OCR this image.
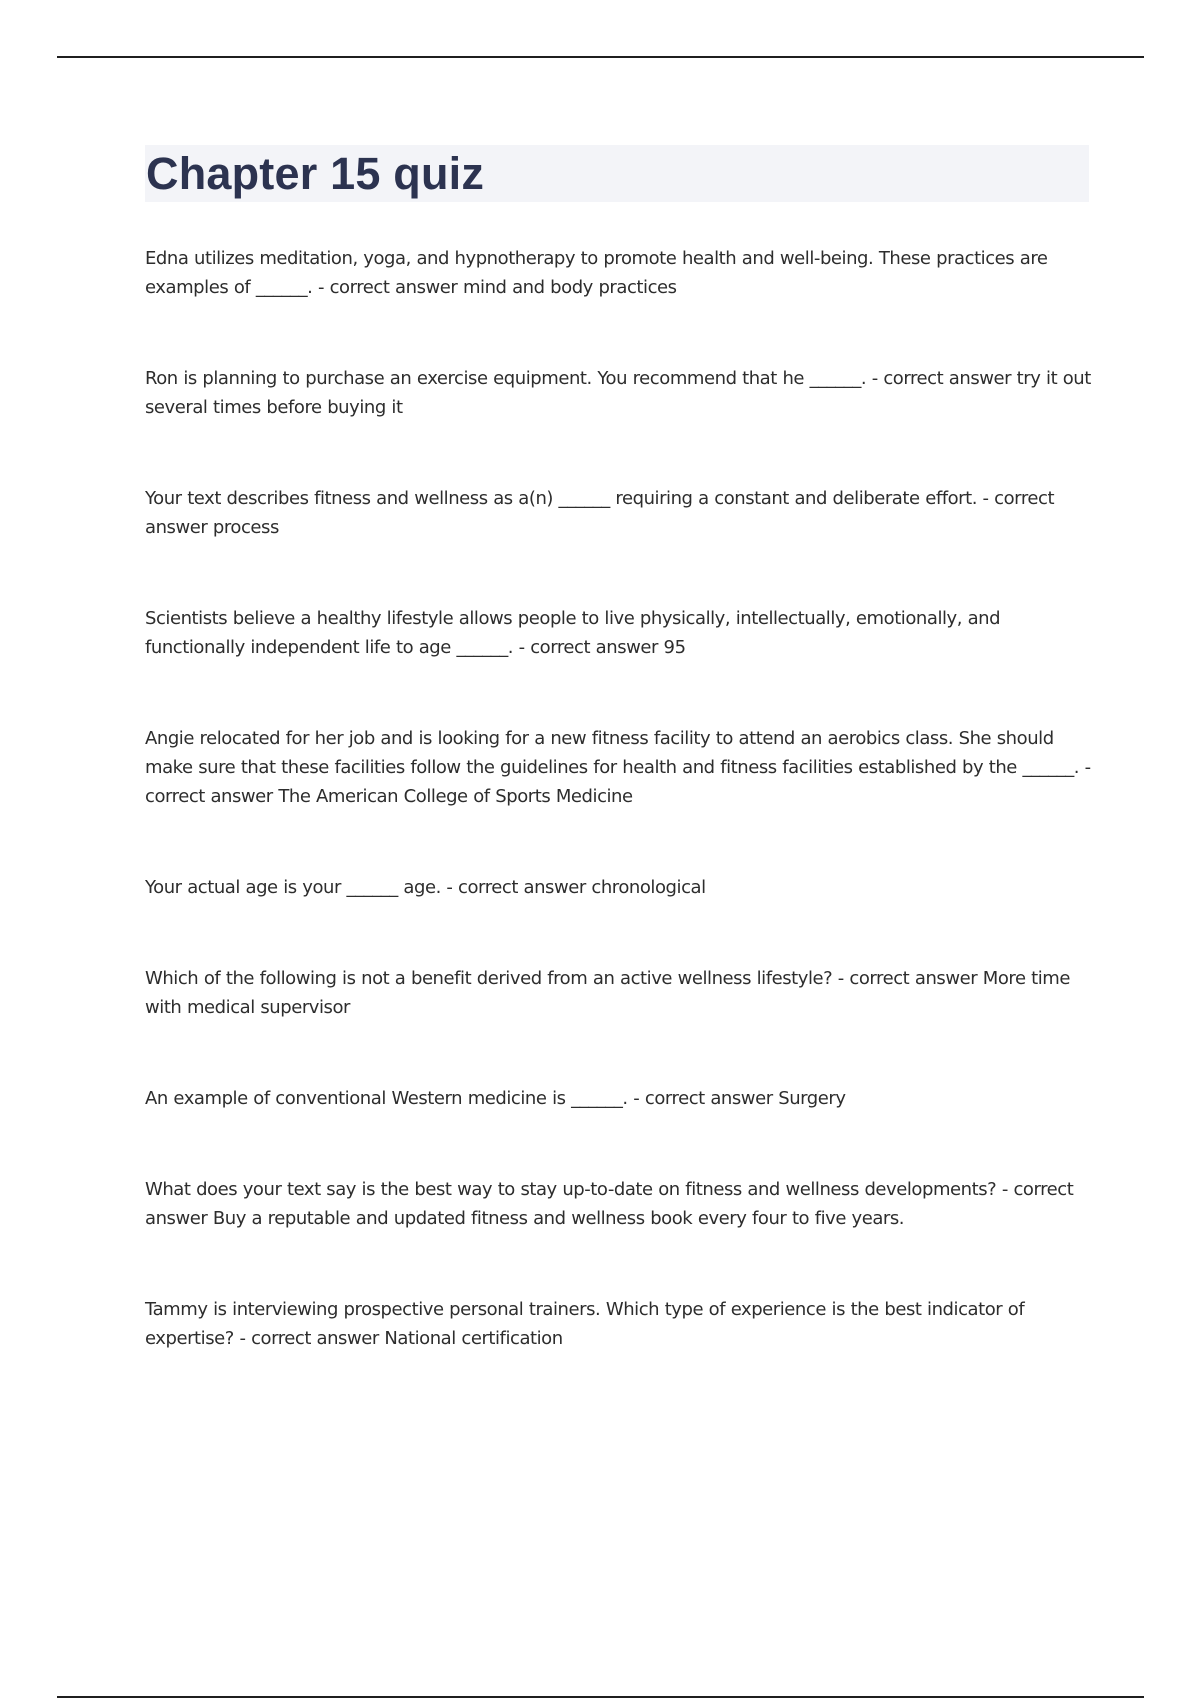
Chapter 15 quiz
Edna utilizes meditation, yoga, and hypnotherapy to promote health and well-being. These practices are examples of ______. - correct answer mind and body practices
Ron is planning to purchase an exercise equipment. You recommend that he ______. - correct answer try it out several times before buying it
Your text describes fitness and wellness as a(n) ______ requiring a constant and deliberate effort. - correct answer process
Scientists believe a healthy lifestyle allows people to live physically, intellectually, emotionally, and functionally independent life to age ______. - correct answer 95
Angie relocated for her job and is looking for a new fitness facility to attend an aerobics class. She should make sure that these facilities follow the guidelines for health and fitness facilities established by the ______. - correct answer The American College of Sports Medicine
Your actual age is your ______ age. - correct answer chronological
Which of the following is not a benefit derived from an active wellness lifestyle? - correct answer More time with medical supervisor
An example of conventional Western medicine is ______. - correct answer Surgery
What does your text say is the best way to stay up-to-date on fitness and wellness developments? - correct answer Buy a reputable and updated fitness and wellness book every four to five years.
Tammy is interviewing prospective personal trainers. Which type of experience is the best indicator of expertise? - correct answer National certification
